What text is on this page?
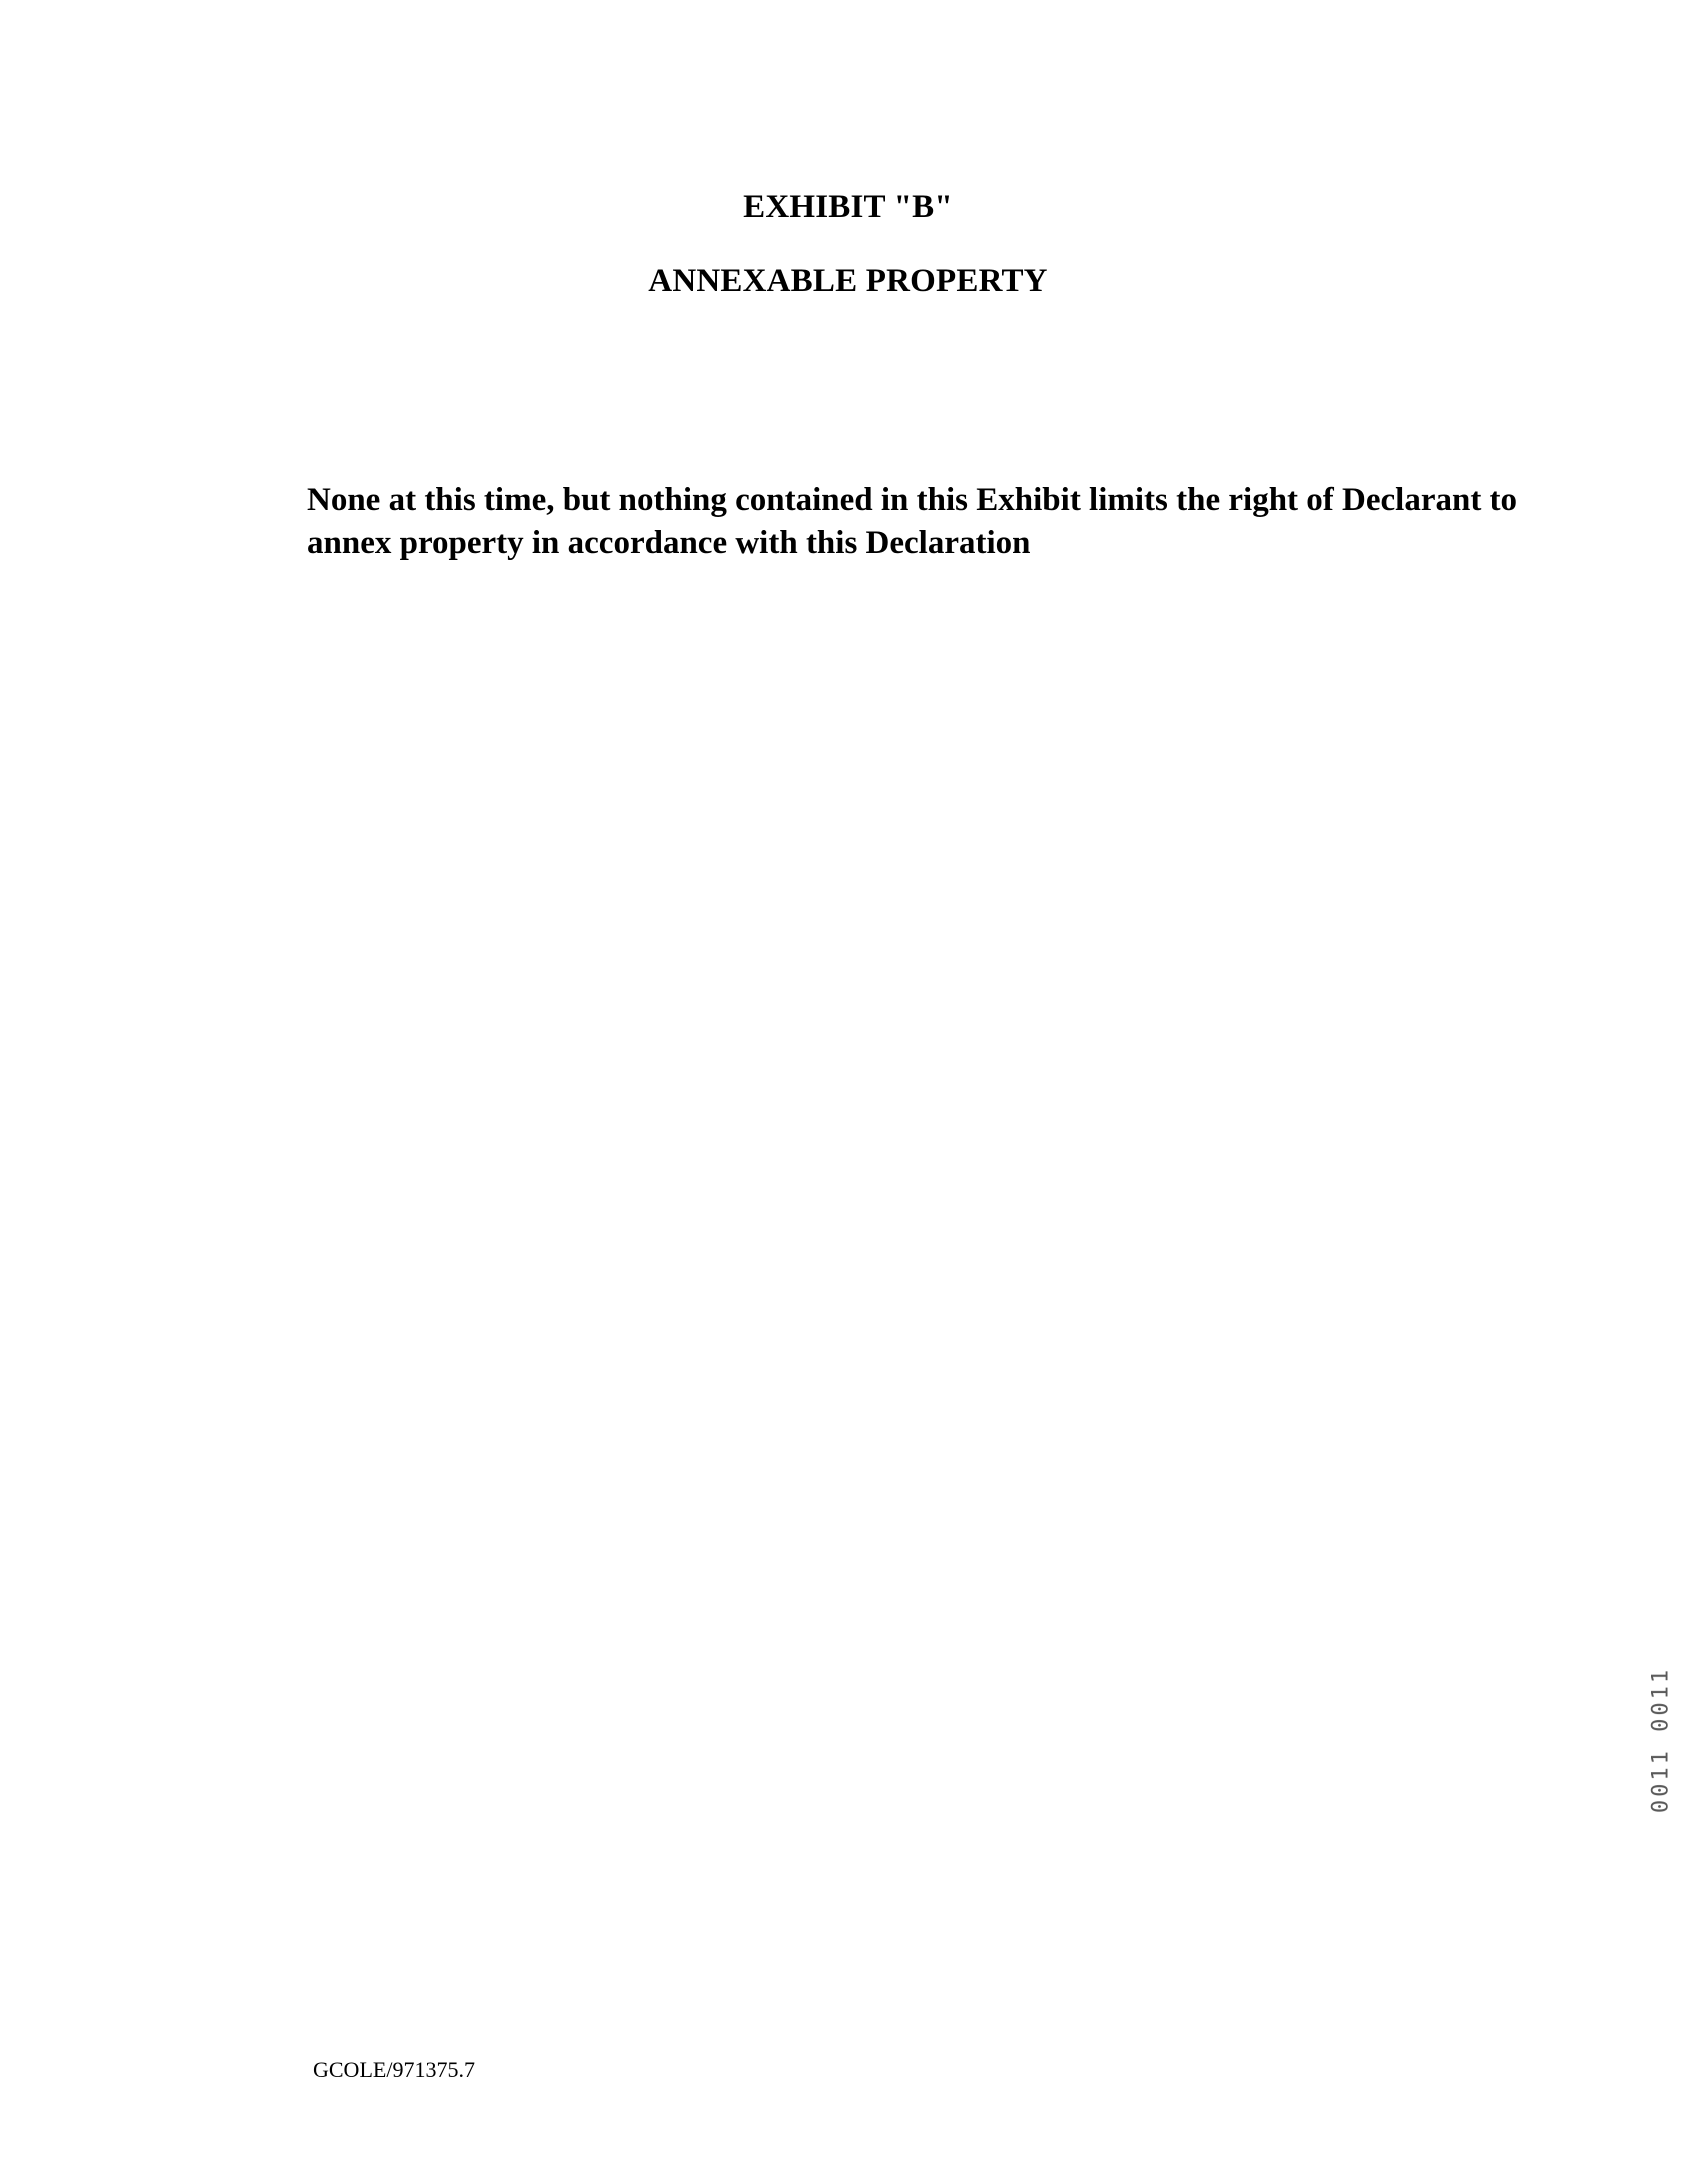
EXHIBIT "B"
ANNEXABLE PROPERTY

None at this time, but nothing contained in this Exhibit limits the right of Declarant to annex property in accordance with this Declaration

0011 0011
GCOLE/971375.7
